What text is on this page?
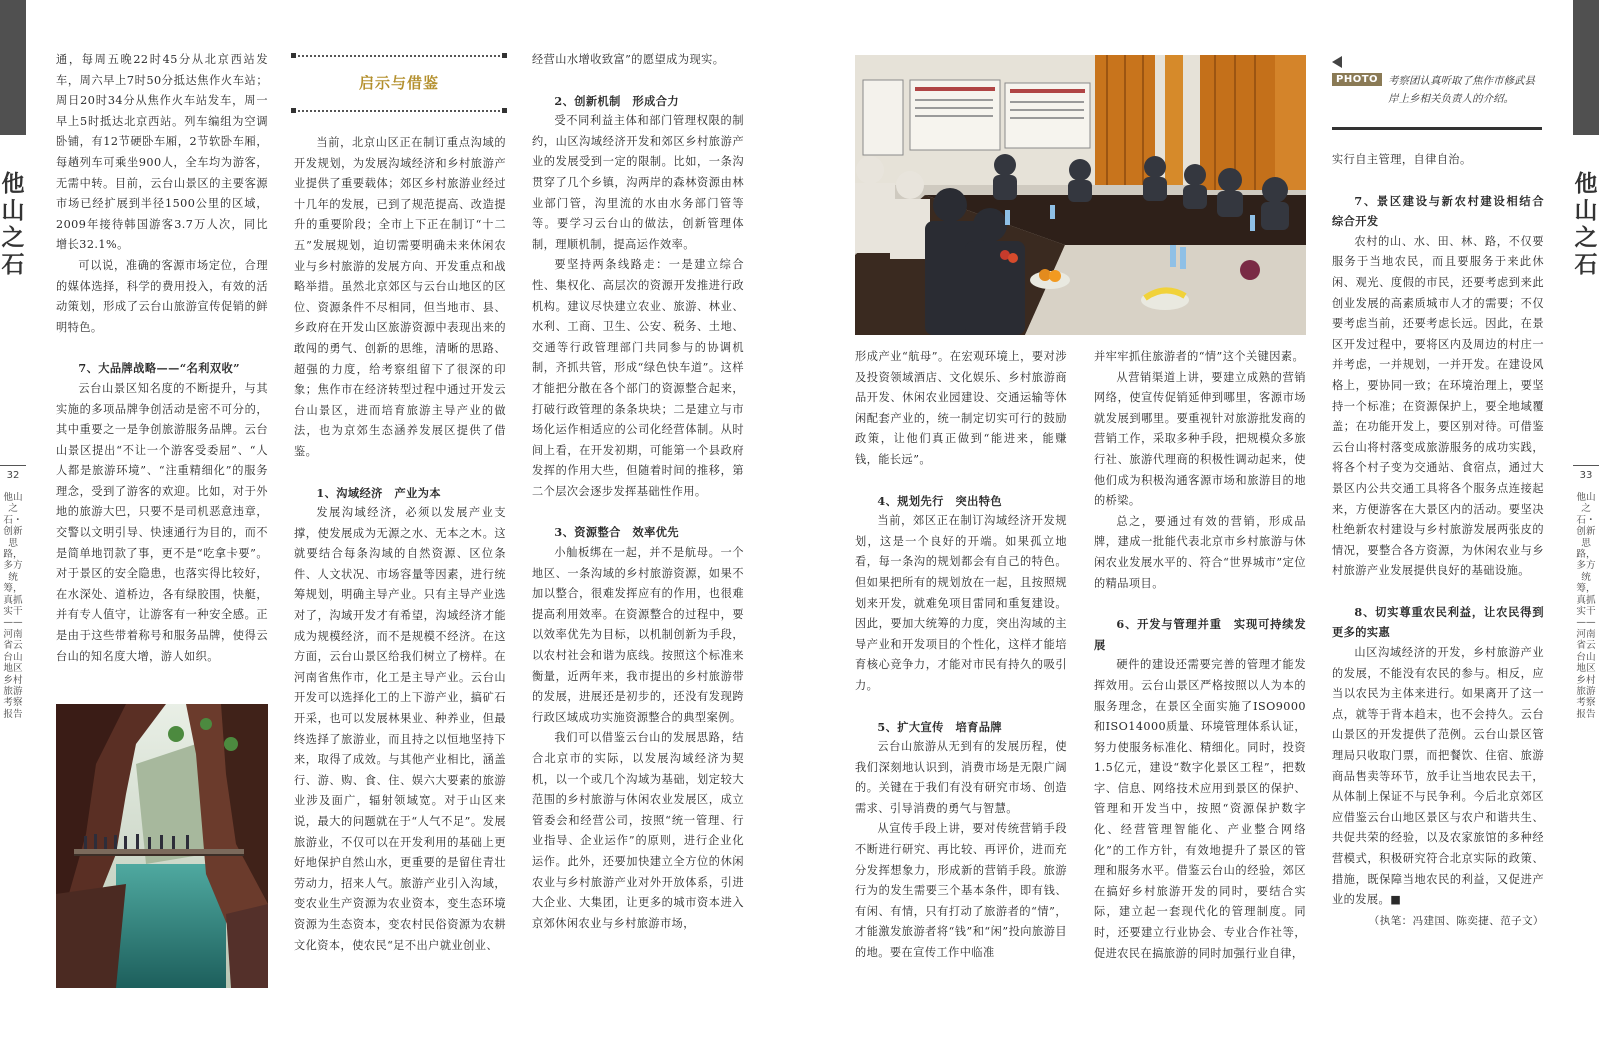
他山之石
32
他山之石・创新思路，多方统筹，真抓实干——河南省云台山地区乡村旅游考察报告
他山之石
33
他山之石・创新思路，多方统筹，真抓实干——河南省云台山地区乡村旅游考察报告
启示与借鉴

通，每周五晚22时45分从北京西站发车，周六早上7时50分抵达焦作火车站；周日20时34分从焦作火车站发车，周一早上5时抵达北京西站。列车编组为空调卧铺，有12节硬卧车厢，2节软卧车厢，每趟列车可乘坐900人，全车均为游客，无需中转。目前，云台山景区的主要客源市场已经扩展到半径1500公里的区域，2009年接待韩国游客3.7万人次，同比增长32.1%。

可以说，准确的客源市场定位，合理的媒体选择，科学的费用投入，有效的活动策划，形成了云台山旅游宣传促销的鲜明特色。

7、大品牌战略——“名利双收”

云台山景区知名度的不断提升，与其实施的多项品牌争创活动是密不可分的，其中重要之一是争创旅游服务品牌。云台山景区提出“不让一个游客受委屈”、“人人都是旅游环境”、“注重精细化”的服务理念，受到了游客的欢迎。比如，对于外地的旅游大巴，只要不是司机恶意违章，交警以文明引导、快速通行为目的，而不是简单地罚款了事，更不是“吃拿卡要”。对于景区的安全隐患，也落实得比较好，在水深处、道桥边，各有绿胶围，快艇，并有专人值守，让游客有一种安全感。正是由于这些带着称号和服务品牌，使得云台山的知名度大增，游人如织。

当前，北京山区正在制订重点沟域的开发规划，为发展沟域经济和乡村旅游产业提供了重要载体；郊区乡村旅游业经过十几年的发展，已到了规范提高、改造提升的重要阶段；全市上下正在制订“十二五”发展规划，迫切需要明确未来休闲农业与乡村旅游的发展方向、开发重点和战略举措。虽然北京郊区与云台山地区的区位、资源条件不尽相同，但当地市、县、乡政府在开发山区旅游资源中表现出来的敢闯的勇气、创新的思维，清晰的思路、超强的力度，给考察组留下了很深的印象；焦作市在经济转型过程中通过开发云台山景区，进而培育旅游主导产业的做法，也为京郊生态涵养发展区提供了借鉴。

1、沟域经济　产业为本

发展沟域经济，必须以发展产业支撑，使发展成为无源之水、无本之木。这就要结合每条沟域的自然资源、区位条件、人文状况、市场容量等因素，进行统筹规划，明确主导产业。只有主导产业选对了，沟域开发才有希望，沟域经济才能成为规模经济，而不是规模不经济。在这方面，云台山景区给我们树立了榜样。在河南省焦作市，化工是主导产业。云台山开发可以选择化工的上下游产业，搞矿石开采，也可以发展林果业、种养业，但最终选择了旅游业，而且持之以恒地坚持下来，取得了成效。与其他产业相比，涵盖行、游、购、食、住、娱六大要素的旅游业涉及面广，辐射领域宽。对于山区来说，最大的问题就在于“人气不足”。发展旅游业，不仅可以在开发利用的基础上更好地保护自然山水，更重要的是留住青壮劳动力，招来人气。旅游产业引入沟域，变农业生产资源为农业资本，变生态环境资源为生态资本，变农村民俗资源为农耕文化资本，使农民“足不出户就业创业、

经营山水增收致富”的愿望成为现实。

2、创新机制　形成合力

受不同利益主体和部门管理权限的制约，山区沟域经济开发和郊区乡村旅游产业的发展受到一定的限制。比如，一条沟贯穿了几个乡镇，沟两岸的森林资源由林业部门管，沟里流的水由水务部门管等等。要学习云台山的做法，创新管理体制，理顺机制，提高运作效率。

要坚持两条线路走：一是建立综合性、集权化、高层次的资源开发推进行政机构。建议尽快建立农业、旅游、林业、水利、工商、卫生、公安、税务、土地、交通等行政管理部门共同参与的协调机制，齐抓共管，形成“绿色快车道”。这样才能把分散在各个部门的资源整合起来，打破行政管理的条条块块；二是建立与市场化运作相适应的公司化经营体制。从时间上看，在开发初期，可能第一个县政府发挥的作用大些，但随着时间的推移，第二个层次会逐步发挥基础性作用。

3、资源整合　效率优先

小舢板绑在一起，并不是航母。一个地区、一条沟域的乡村旅游资源，如果不加以整合，很难发挥应有的作用，也很难提高利用效率。在资源整合的过程中，要以效率优先为目标，以机制创新为手段，以农村社会和谐为底线。按照这个标准来衡量，近两年来，我市提出的乡村旅游带的发展，进展还是初步的，还没有发现跨行政区域成功实施资源整合的典型案例。

我们可以借鉴云台山的发展思路，结合北京市的实际，以发展沟域经济为契机，以一个或几个沟域为基础，划定较大范围的乡村旅游与休闲农业发展区，成立管委会和经营公司，按照“统一管理、行业指导、企业运作”的原则，进行企业化运作。此外，还要加快建立全方位的休闲农业与乡村旅游产业对外开放体系，引进大企业、大集团，让更多的城市资本进入京郊休闲农业与乡村旅游市场，

PHOTO 考察团认真听取了焦作市修武县岸上乡相关负责人的介绍。

形成产业“航母”。在宏观环境上，要对涉及投资领域酒店、文化娱乐、乡村旅游商品开发、休闲农业园建设、交通运输等休闲配套产业的，统一制定切实可行的鼓励政策，让他们真正做到“能进来，能赚钱，能长远”。

4、规划先行　突出特色

当前，郊区正在制订沟域经济开发规划，这是一个良好的开端。如果孤立地看，每一条沟的规划都会有自己的特色。但如果把所有的规划放在一起，且按照规划来开发，就难免项目雷同和重复建设。因此，要加大统筹的力度，突出沟域的主导产业和开发项目的个性化，这样才能培育核心竞争力，才能对市民有持久的吸引力。

5、扩大宣传　培育品牌

云台山旅游从无到有的发展历程，使我们深刻地认识到，消费市场是无限广阔的。关键在于我们有没有研究市场、创造需求、引导消费的勇气与智慧。

从宣传手段上讲，要对传统营销手段不断进行研究、再比较、再评价，进而充分发挥想象力，形成新的营销手段。旅游行为的发生需要三个基本条件，即有钱、有闲、有情，只有打动了旅游者的“情”，才能激发旅游者将“钱”和“闲”投向旅游目的地。要在宣传工作中临准

并牢牢抓住旅游者的“情”这个关键因素。

从营销渠道上讲，要建立成熟的营销网络，使宣传促销延伸到哪里，客源市场就发展到哪里。要重视针对旅游批发商的营销工作，采取多种手段，把规模众多旅行社、旅游代理商的积极性调动起来，使他们成为积极沟通客源市场和旅游目的地的桥梁。

总之，要通过有效的营销，形成品牌，建成一批能代表北京市乡村旅游与休闲农业发展水平的、符合“世界城市”定位的精品项目。

6、开发与管理并重　实现可持续发展

硬件的建设还需要完善的管理才能发挥效用。云台山景区严格按照以人为本的服务理念，在景区全面实施了ISO9000和ISO14000质量、环境管理体系认证，努力使服务标准化、精细化。同时，投资1.5亿元，建设“数字化景区工程”，把数字、信息、网络技术应用到景区的保护、管理和开发当中，按照“资源保护数字化、经营管理智能化、产业整合网络化”的工作方针，有效地提升了景区的管理和服务水平。借鉴云台山的经验，郊区在搞好乡村旅游开发的同时，要结合实际，建立起一套现代化的管理制度。同时，还要建立行业协会、专业合作社等，促进农民在搞旅游的同时加强行业自律，

实行自主管理，自律自治。

7、景区建设与新农村建设相结合　综合开发

农村的山、水、田、林、路，不仅要服务于当地农民，而且要服务于来此休闲、观光、度假的市民，还要考虑到来此创业发展的高素质城市人才的需要；不仅要考虑当前，还要考虑长远。因此，在景区开发过程中，要将区内及周边的村庄一并考虑，一并规划，一并开发。在建设风格上，要协同一致；在环境治理上，要坚持一个标准；在资源保护上，要全地域覆盖；在功能开发上，要区别对待。可借鉴云台山将村落变成旅游服务的成功实践，将各个村子变为交通站、食宿点，通过大景区内公共交通工具将各个服务点连接起来，方便游客在大景区内的活动。要坚决杜绝新农村建设与乡村旅游发展两张皮的情况，要整合各方资源，为休闲农业与乡村旅游产业发展提供良好的基础设施。

8、切实尊重农民利益，让农民得到更多的实惠

山区沟域经济的开发，乡村旅游产业的发展，不能没有农民的参与。相反，应当以农民为主体来进行。如果离开了这一点，就等于背本趋末，也不会持久。云台山景区的开发提供了范例。云台山景区管理局只收取门票，而把餐饮、住宿、旅游商品售卖等环节，放手让当地农民去干，从体制上保证不与民争利。今后北京郊区应借鉴云台山地区景区与农户和谐共生、共促共荣的经验，以及农家旅馆的多种经营模式，积极研究符合北京实际的政策、措施，既保障当地农民的利益，又促进产业的发展。■

（执笔：冯建国、陈奕捷、范子文）
